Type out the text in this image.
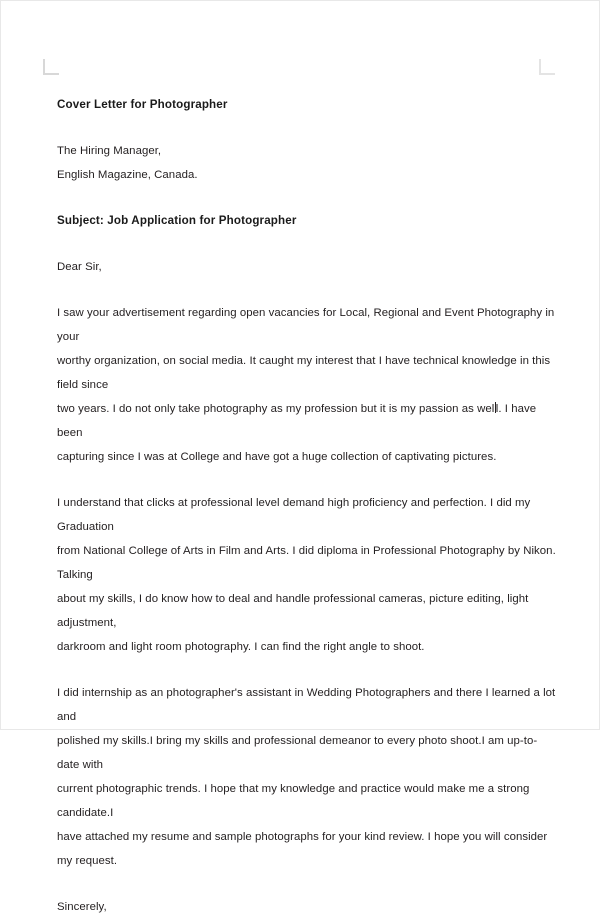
Cover Letter for Photographer
The Hiring Manager,
English Magazine, Canada.
Subject: Job Application for Photographer
Dear Sir,
I saw your advertisement regarding open vacancies for Local, Regional and Event Photography in your
worthy organization, on social media. It caught my interest that I have technical knowledge in this field since
two years. I do not only take photography as my profession but it is my passion as well. I have been
capturing since I was at College and have got a huge collection of captivating pictures.
I understand that clicks at professional level demand high proficiency and perfection. I did my Graduation
from National College of Arts in Film and Arts. I did diploma in Professional Photography by Nikon. Talking
about my skills, I do know how to deal and handle professional cameras, picture editing, light adjustment,
darkroom and light room photography. I can find the right angle to shoot.
I did internship as an photographer's assistant in Wedding Photographers and there I learned a lot and
polished my skills.I bring my skills and professional demeanor to every photo shoot.I am up-to-date with
current photographic trends. I hope that my knowledge and practice would make me a strong candidate.I
have attached my resume and sample photographs for your kind review. I hope you will consider my request.
Sincerely,
